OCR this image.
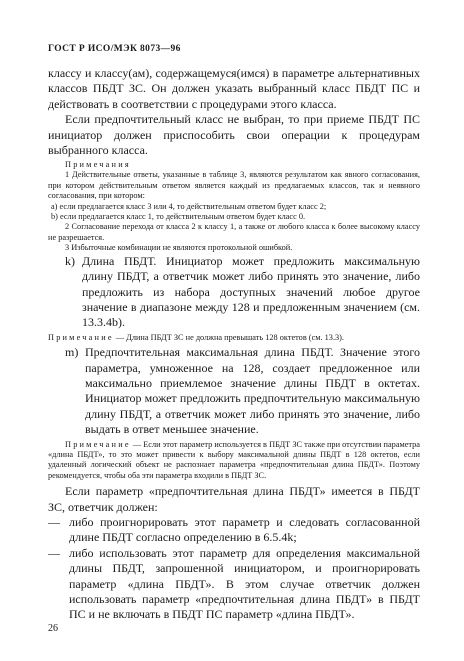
ГОСТ Р ИСО/МЭК 8073—96

классу и классу(ам), содержащемуся(имся) в параметре альтернативных классов ПБДТ ЗС. Он должен указать выбранный класс ПБДТ ПС и действовать в соответствии с процедурами этого класса.

Если предпочтительный класс не выбран, то при приеме ПБДТ ПС инициатор должен приспособить свои операции к процедурам выбранного класса.

Примечания

1 Действительные ответы, указанные в таблице 3, являются результатом как явного согласования, при котором действительным ответом является каждый из предлагаемых классов, так и неявного согласования, при котором:

а) если предлагается класс 3 или 4, то действительным ответом будет класс 2;

b) если предлагается класс 1, то действительным ответом будет класс 0.

2 Согласование перехода от класса 2 к классу 1, а также от любого класса к более высокому классу не разрешается.

3 Избыточные комбинации не являются протокольной ошибкой.

k) Длина ПБДТ. Инициатор может предложить максимальную длину ПБДТ, а ответчик может либо принять это значение, либо предложить из набора доступных значений любое другое значение в диапазоне между 128 и предложенным значением (см. 13.3.4b).

Примечание — Длина ПБДТ ЗС не должна превышать 128 октетов (см. 13.3).

m) Предпочтительная максимальная длина ПБДТ. Значение этого параметра, умноженное на 128, создает предложенное или максимально приемлемое значение длины ПБДТ в октетах. Инициатор может предложить предпочтительную максимальную длину ПБДТ, а ответчик может либо принять это значение, либо выдать в ответ меньшее значение.

Примечание — Если этот параметр используется в ПБДТ ЗС также при отсутствии параметра «длина ПБДТ», то это может привести к выбору максимальной длины ПБДТ в 128 октетов, если удаленный логический объект не распознает параметра «предпочтительная длина ПБДТ». Поэтому рекомендуется, чтобы оба эти параметра входили в ПБДТ ЗС.

Если параметр «предпочтительная длина ПБДТ» имеется в ПБДТ ЗС, ответчик должен:

— либо проигнорировать этот параметр и следовать согласованной длине ПБДТ согласно определению в 6.5.4k;
— либо использовать этот параметр для определения максимальной длины ПБДТ, запрошенной инициатором, и проигнорировать параметр «длина ПБДТ». В этом случае ответчик должен использовать параметр «предпочтительная длина ПБДТ» в ПБДТ ПС и не включать в ПБДТ ПС параметр «длина ПБДТ».
26
